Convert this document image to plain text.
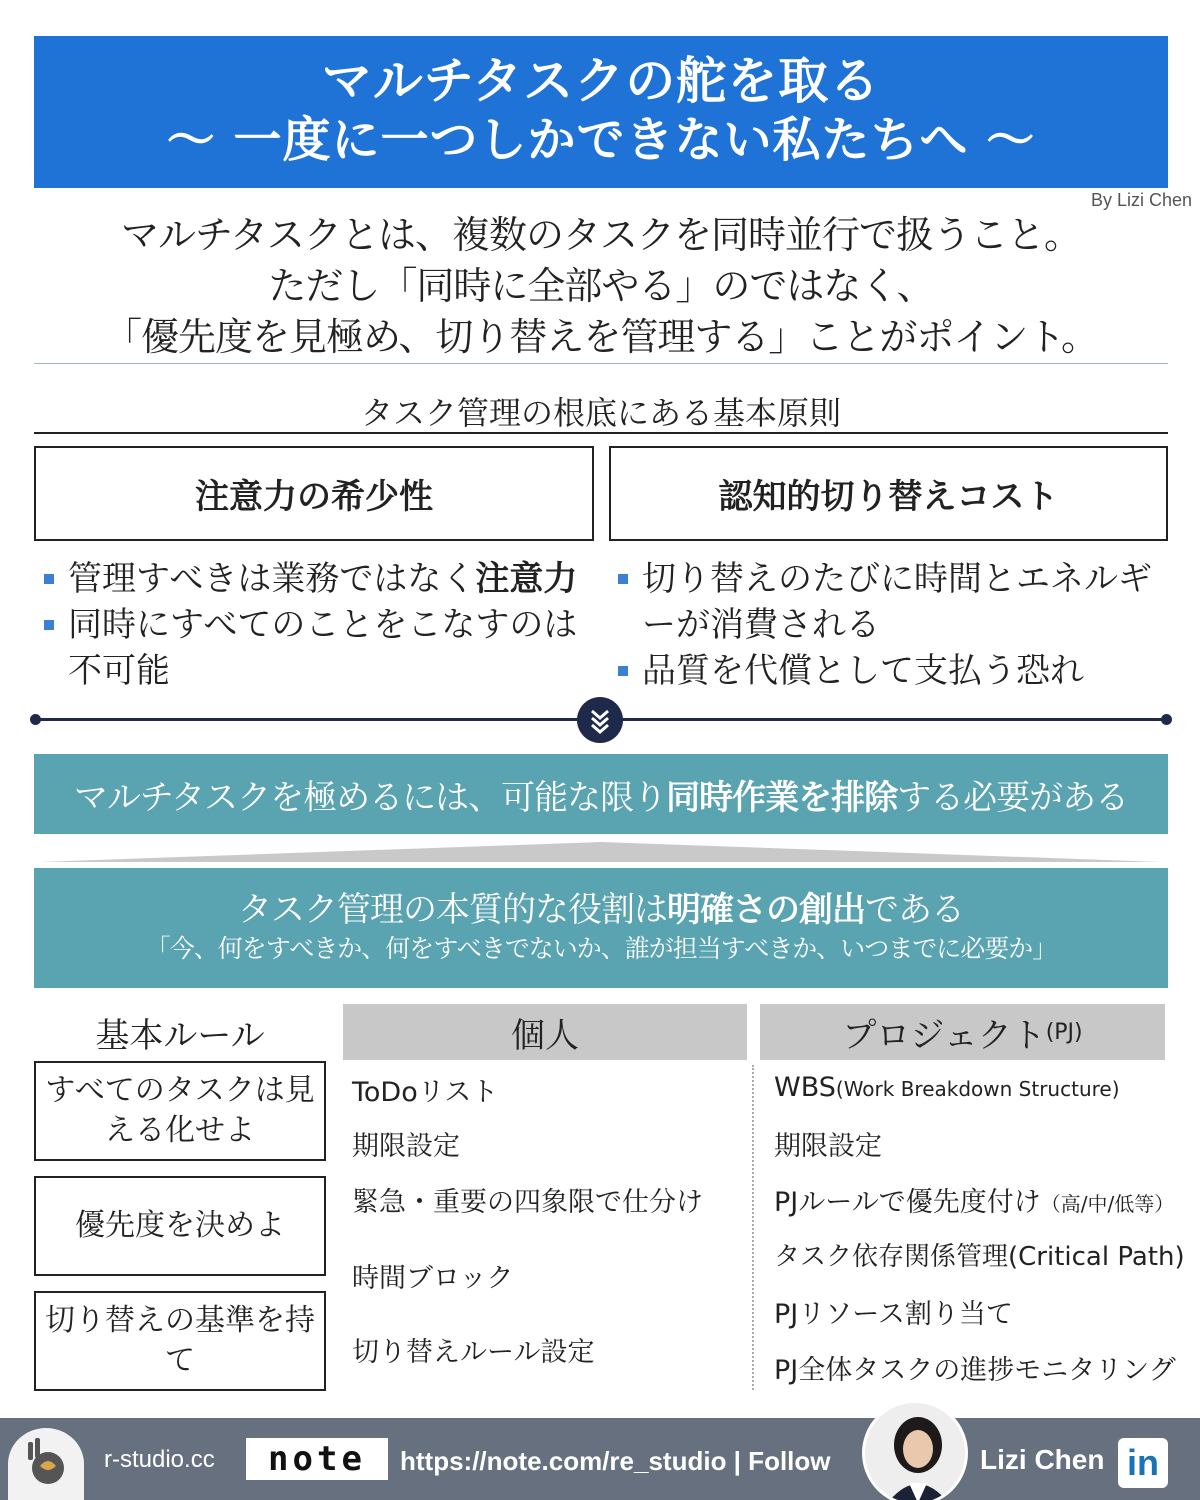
マルチタスクの舵を取る
〜 一度に一つしかできない私たちへ 〜
By Lizi Chen
マルチタスクとは、複数のタスクを同時並行で扱うこと。
ただし「同時に全部やる」のではなく、
「優先度を見極め、切り替えを管理する」ことがポイント。
タスク管理の根底にある基本原則
注意力の希少性	認知的切り替えコスト
管理すべきは業務ではなく注意力
同時にすべてのことをこなすのは不可能
切り替えのたびに時間とエネルギーが消費される
品質を代償として支払う恐れ
マルチタスクを極めるには、可能な限り 同時作業を排除 する必要がある
タスク管理の本質的な役割は明確さの創出である
「今、何をすべきか、何をすべきでないか、誰が担当すべきか、いつまでに必要か」
基本ルール
すべてのタスクは見える化せよ
優先度を決めよ
切り替えの基準を持て
個人	プロジェクト (PJ)
ToDoリスト
期限設定
緊急・重要の四象限で仕分け
時間ブロック
切り替えルール設定
WBS(Work Breakdown Structure)
期限設定
PJルールで優先度付け（高/中/低等）
タスク依存関係管理(Critical Path)
PJリソース割り当て
PJ全体タスクの進捗モニタリング
r-studio.cc	note	https://note.com/re_studio | Follow	Lizi Chen in
